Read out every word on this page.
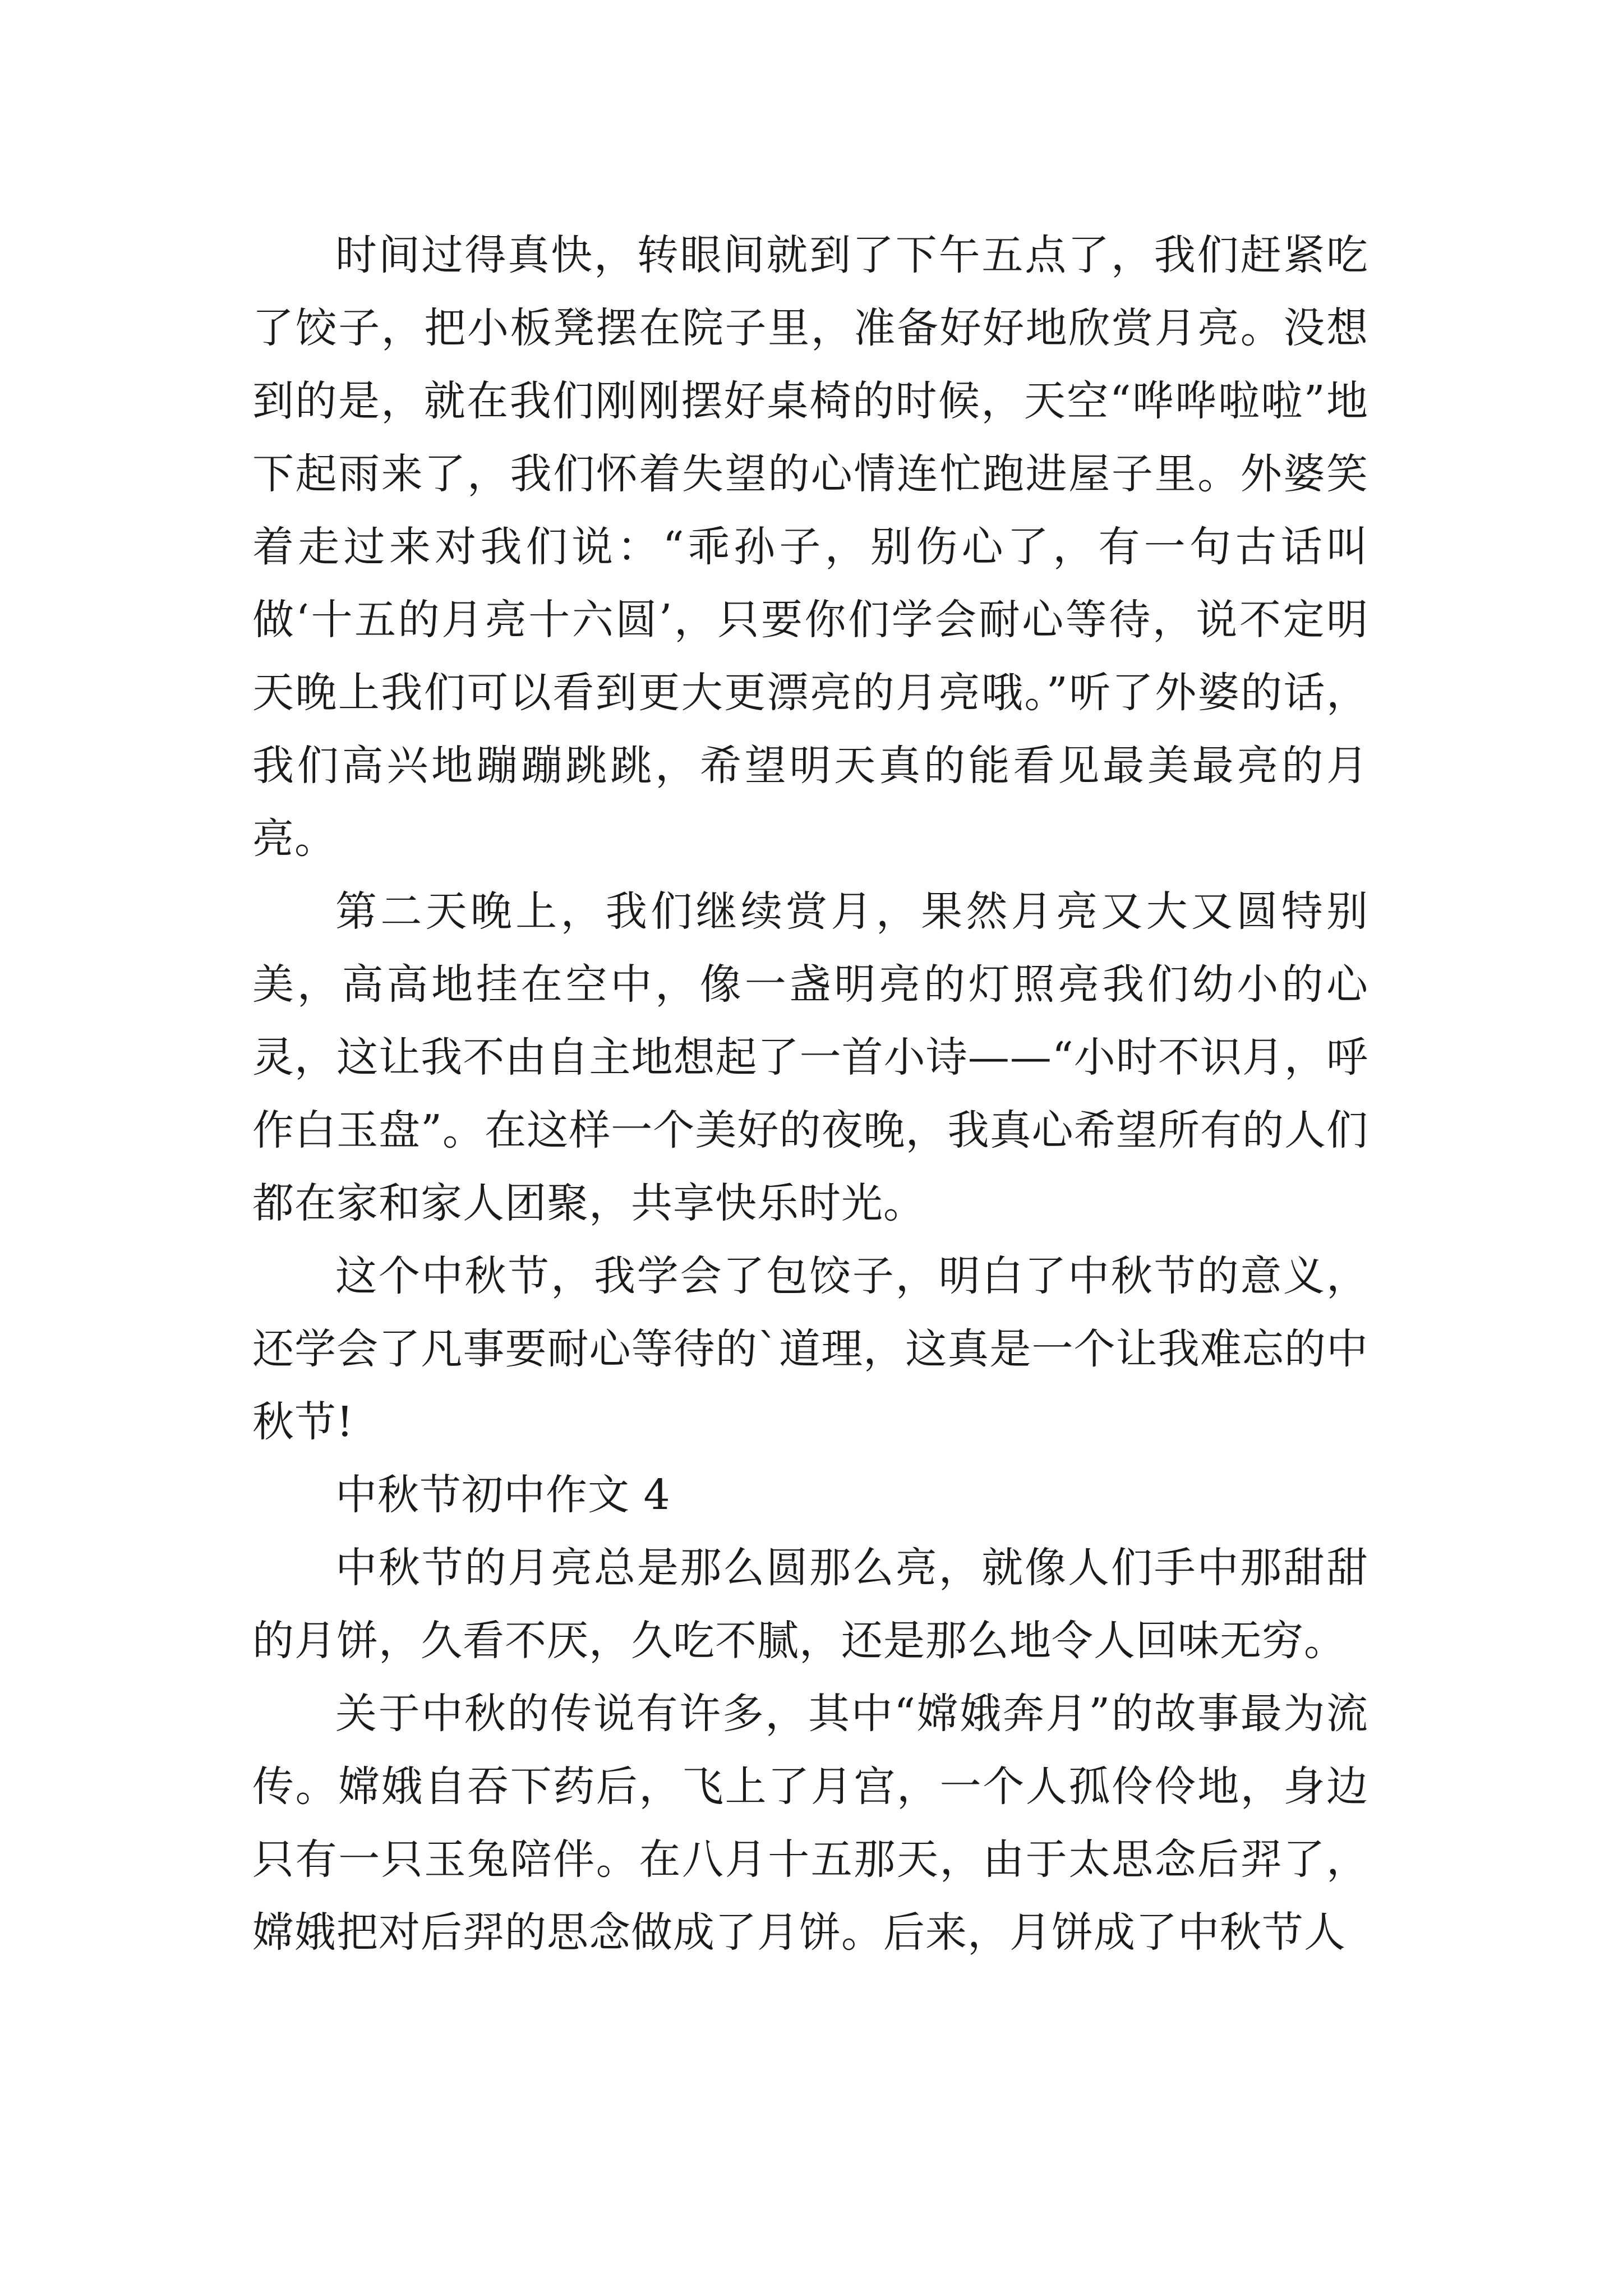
时间过得真快，转眼间就到了下午五点了，我们赶紧吃了饺子，把小板凳摆在院子里，准备好好地欣赏月亮。没想到的是，就在我们刚刚摆好桌椅的时候，天空“哗哗啦啦”地下起雨来了，我们怀着失望的心情连忙跑进屋子里。外婆笑着走过来对我们说：“乖孙子，别伤心了，有一句古话叫做‘十五的月亮十六圆’，只要你们学会耐心等待，说不定明天晚上我们可以看到更大更漂亮的月亮哦。”听了外婆的话，我们高兴地蹦蹦跳跳，希望明天真的能看见最美最亮的月亮。

第二天晚上，我们继续赏月，果然月亮又大又圆特别美，高高地挂在空中，像一盏明亮的灯照亮我们幼小的心灵，这让我不由自主地想起了一首小诗——“小时不识月，呼作白玉盘”。在这样一个美好的夜晚，我真心希望所有的人们都在家和家人团聚，共享快乐时光。

这个中秋节，我学会了包饺子，明白了中秋节的意义，还学会了凡事要耐心等待的`道理，这真是一个让我难忘的中秋节!

中秋节初中作文 4

中秋节的月亮总是那么圆那么亮，就像人们手中那甜甜的月饼，久看不厌，久吃不腻，还是那么地令人回味无穷。

关于中秋的传说有许多，其中“嫦娥奔月”的故事最为流传。嫦娥自吞下药后，飞上了月宫，一个人孤伶伶地，身边只有一只玉兔陪伴。在八月十五那天，由于太思念后羿了，嫦娥把对后羿的思念做成了月饼。后来，月饼成了中秋节人
